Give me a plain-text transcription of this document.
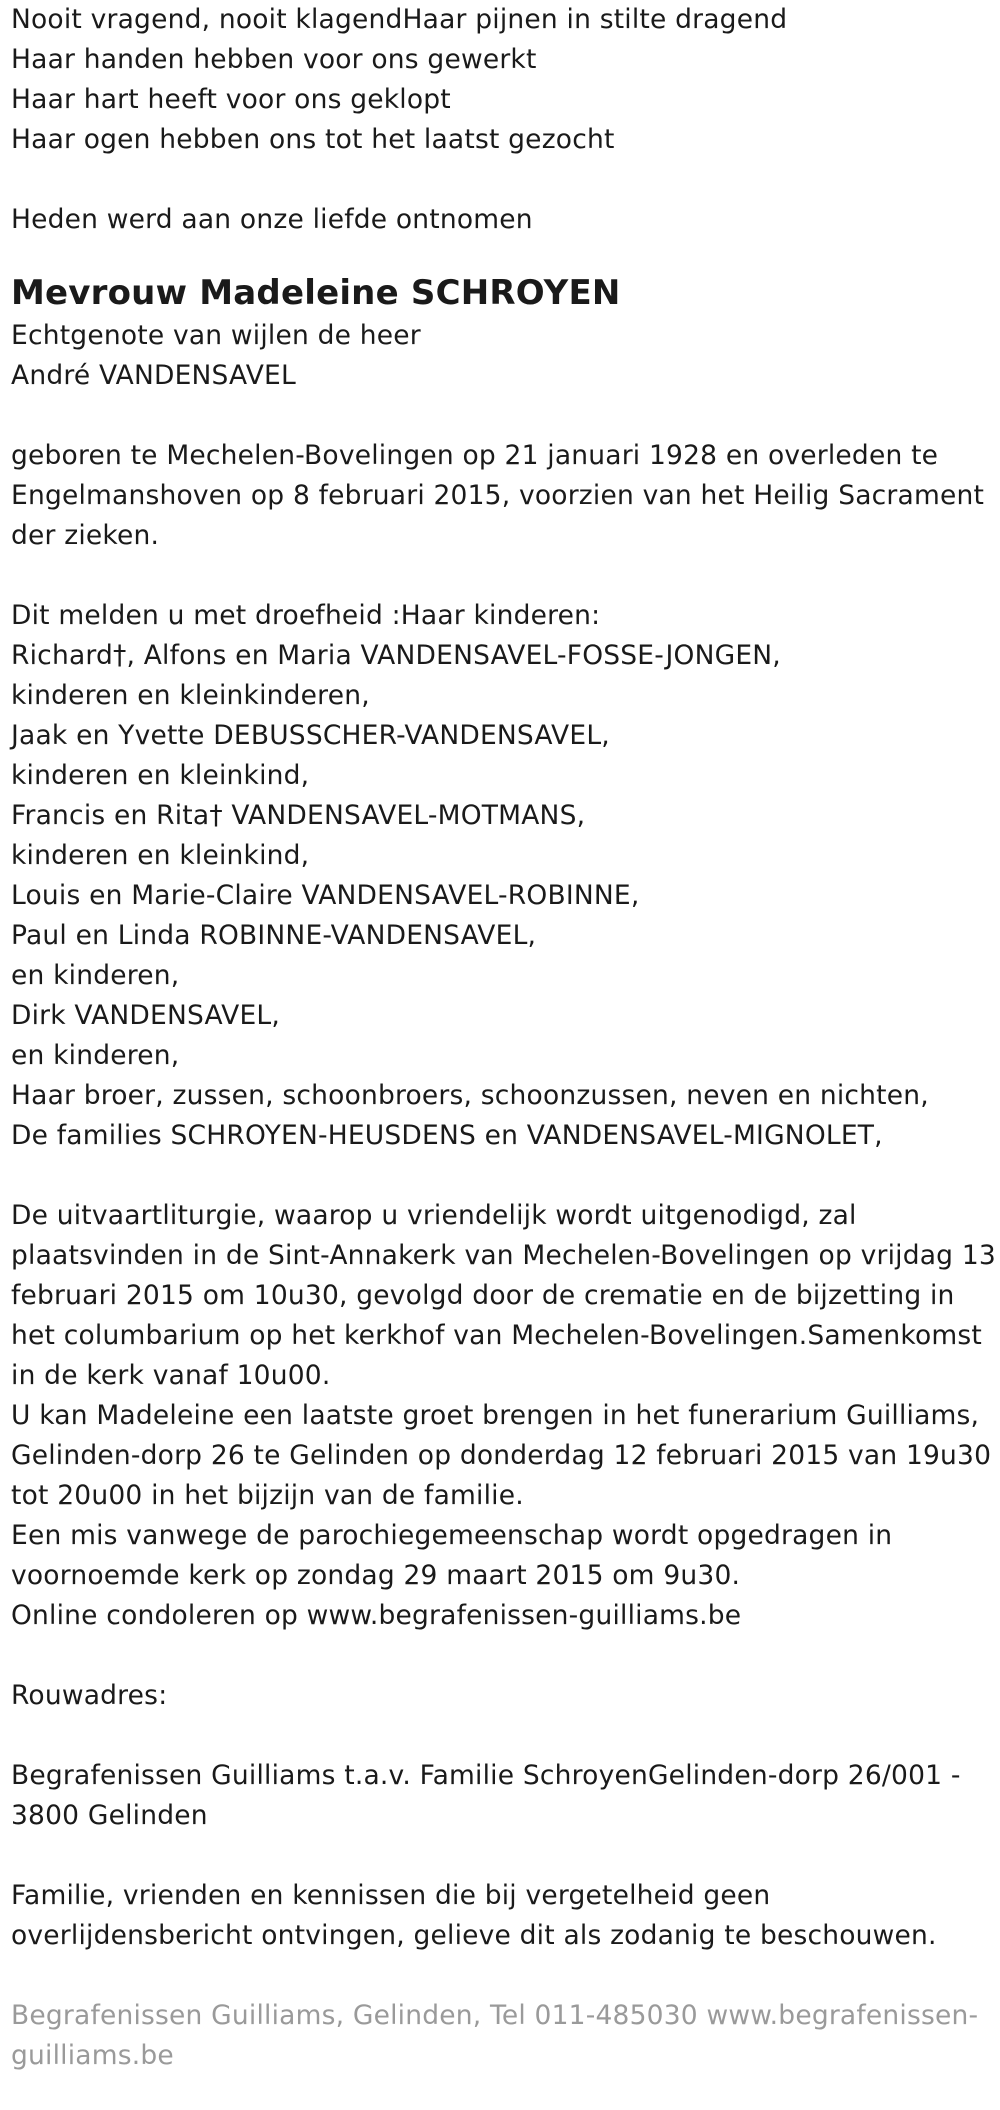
Nooit vragend, nooit klagendHaar pijnen in stilte dragend
Haar handen hebben voor ons gewerkt
Haar hart heeft voor ons geklopt
Haar ogen hebben ons tot het laatst gezocht
Heden werd aan onze liefde ontnomen
Mevrouw Madeleine SCHROYEN
Echtgenote van wijlen de heer
André VANDENSAVEL
geboren te Mechelen-Bovelingen op 21 januari 1928 en overleden te
Engelmanshoven op 8 februari 2015, voorzien van het Heilig Sacrament
der zieken.
Dit melden u met droefheid :Haar kinderen:
Richard†, Alfons en Maria VANDENSAVEL-FOSSE-JONGEN,
kinderen en kleinkinderen,
Jaak en Yvette DEBUSSCHER-VANDENSAVEL,
kinderen en kleinkind,
Francis en Rita† VANDENSAVEL-MOTMANS,
kinderen en kleinkind,
Louis en Marie-Claire VANDENSAVEL-ROBINNE,
Paul en Linda ROBINNE-VANDENSAVEL,
en kinderen,
Dirk VANDENSAVEL,
en kinderen,
Haar broer, zussen, schoonbroers, schoonzussen, neven en nichten,
De families SCHROYEN-HEUSDENS en VANDENSAVEL-MIGNOLET,
De uitvaartliturgie, waarop u vriendelijk wordt uitgenodigd, zal
plaatsvinden in de Sint-Annakerk van Mechelen-Bovelingen op vrijdag 13
februari 2015 om 10u30, gevolgd door de crematie en de bijzetting in
het columbarium op het kerkhof van Mechelen-Bovelingen.Samenkomst
in de kerk vanaf 10u00.
U kan Madeleine een laatste groet brengen in het funerarium Guilliams,
Gelinden-dorp 26 te Gelinden op donderdag 12 februari 2015 van 19u30
tot 20u00 in het bijzijn van de familie.
Een mis vanwege de parochiegemeenschap wordt opgedragen in
voornoemde kerk op zondag 29 maart 2015 om 9u30.
Online condoleren op www.begrafenissen-guilliams.be
Rouwadres:
Begrafenissen Guilliams t.a.v. Familie SchroyenGelinden-dorp 26/001 -
3800 Gelinden
Familie, vrienden en kennissen die bij vergetelheid geen
overlijdensbericht ontvingen, gelieve dit als zodanig te beschouwen.
Begrafenissen Guilliams, Gelinden, Tel 011-485030 www.begrafenissen-
guilliams.be
